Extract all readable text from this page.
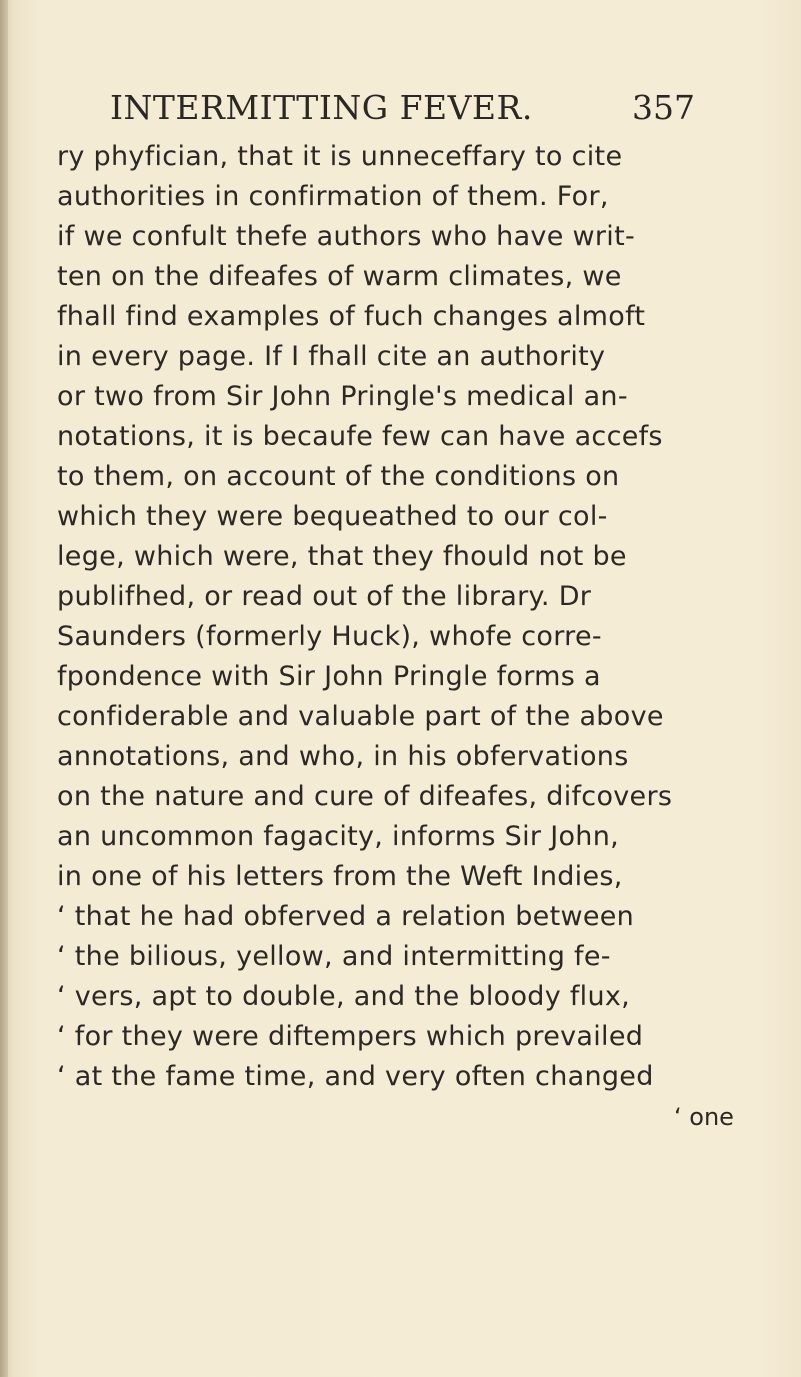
INTERMITTING FEVER.	357
ry phyfician, that it is unneceffary to cite
authorities in confirmation of them. For,
if we confult thefe authors who have writ-
ten on the difeafes of warm climates, we
fhall find examples of fuch changes almoft
in every page. If I fhall cite an authority
or two from Sir John Pringle's medical an-
notations, it is becaufe few can have accefs
to them, on account of the conditions on
which they were bequeathed to our col-
lege, which were, that they fhould not be
publifhed, or read out of the library. Dr
Saunders (formerly Huck), whofe corre-
fpondence with Sir John Pringle forms a
confiderable and valuable part of the above
annotations, and who, in his obfervations
on the nature and cure of difeafes, difcovers
an uncommon fagacity, informs Sir John,
in one of his letters from the Weft Indies,
‘ that he had obferved a relation between
‘ the bilious, yellow, and intermitting fe-
‘ vers, apt to double, and the bloody flux,
‘ for they were diftempers which prevailed
‘ at the fame time, and very often changed
‘ one
